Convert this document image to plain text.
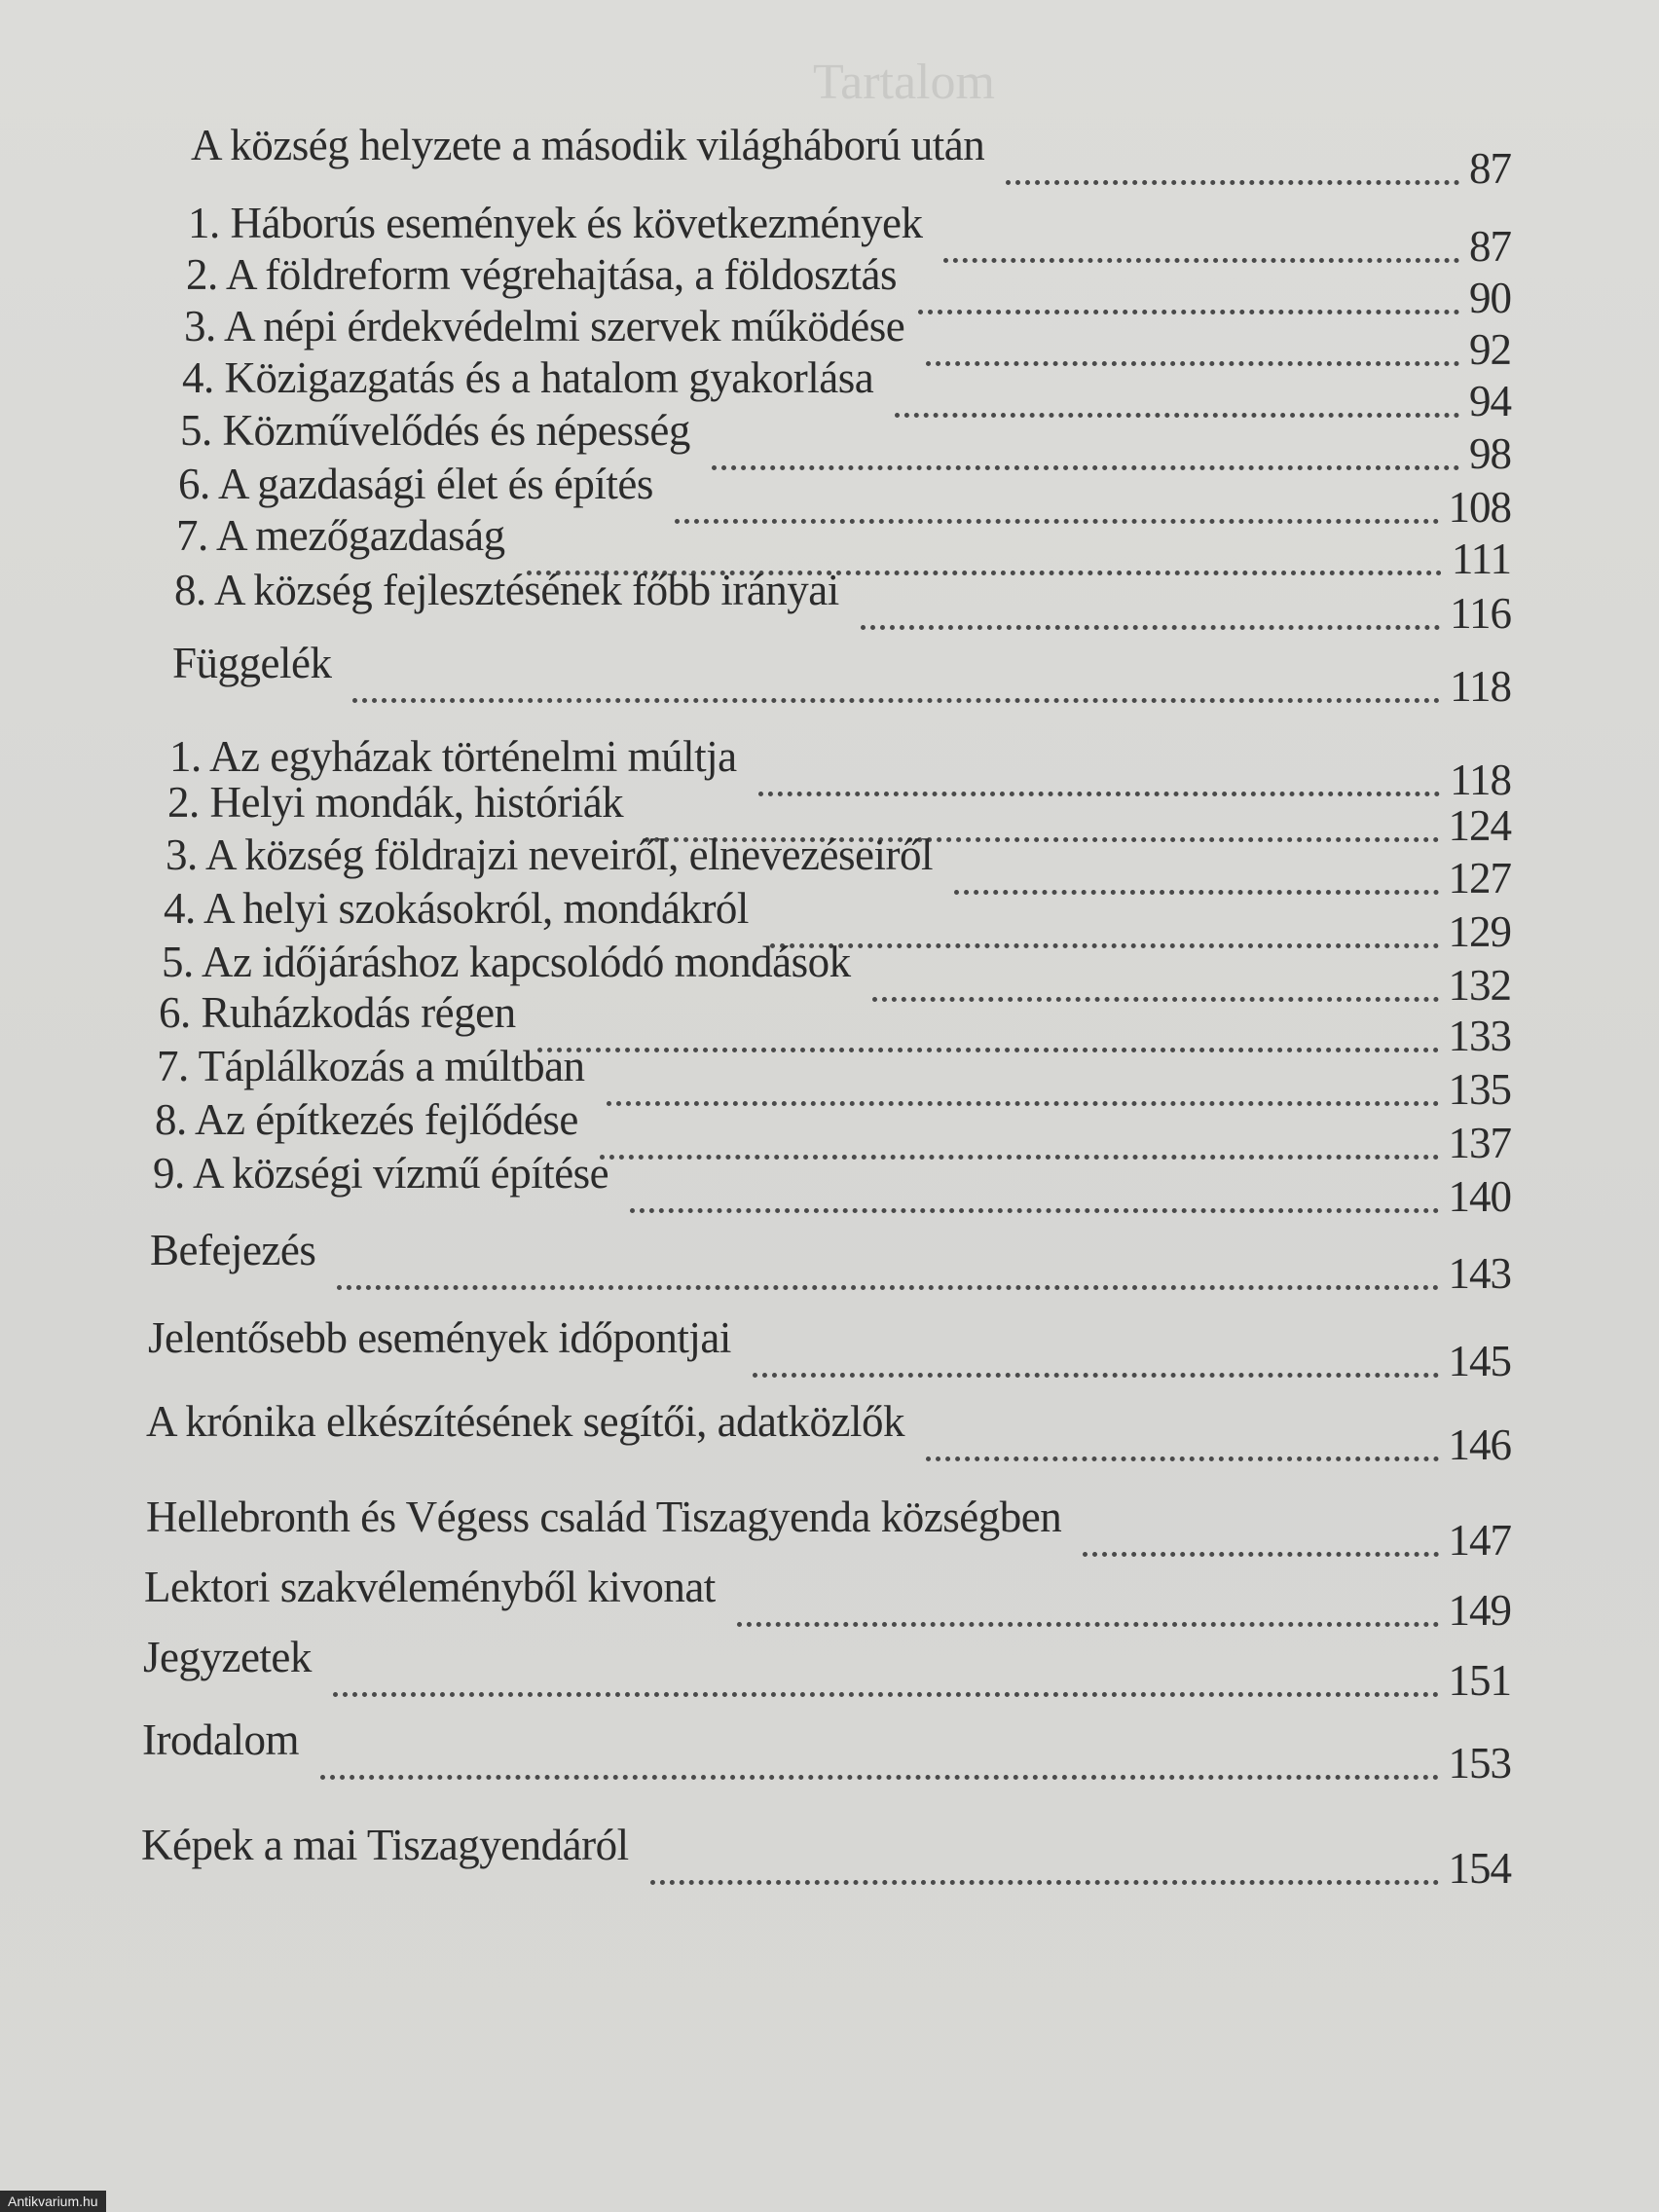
Tartalom
A község helyzete a második világháború után	87
1. Háborús események és következmények	87
2. A földreform végrehajtása, a földosztás	90
3. A népi érdekvédelmi szervek működése	92
4. Közigazgatás és a hatalom gyakorlása	94
5. Közművelődés és népesség	98
6. A gazdasági élet és építés	108
7. A mezőgazdaság	111
8. A község fejlesztésének főbb irányai	116
Függelék	118
1. Az egyházak történelmi múltja	118
2. Helyi mondák, históriák	124
3. A község földrajzi neveiről, elnevezéseiről	127
4. A helyi szokásokról, mondákról	129
5. Az időjáráshoz kapcsolódó mondások	132
6. Ruházkodás régen	133
7. Táplálkozás a múltban	135
8. Az építkezés fejlődése	137
9. A községi vízmű építése	140
Befejezés	143
Jelentősebb események időpontjai	145
A krónika elkészítésének segítői, adatközlők	146
Hellebronth és Végess család Tiszagyenda községben	147
Lektori szakvéleményből kivonat	149
Jegyzetek	151
Irodalom	153
Képek a mai Tiszagyendáról	154
Antikvarium.hu
